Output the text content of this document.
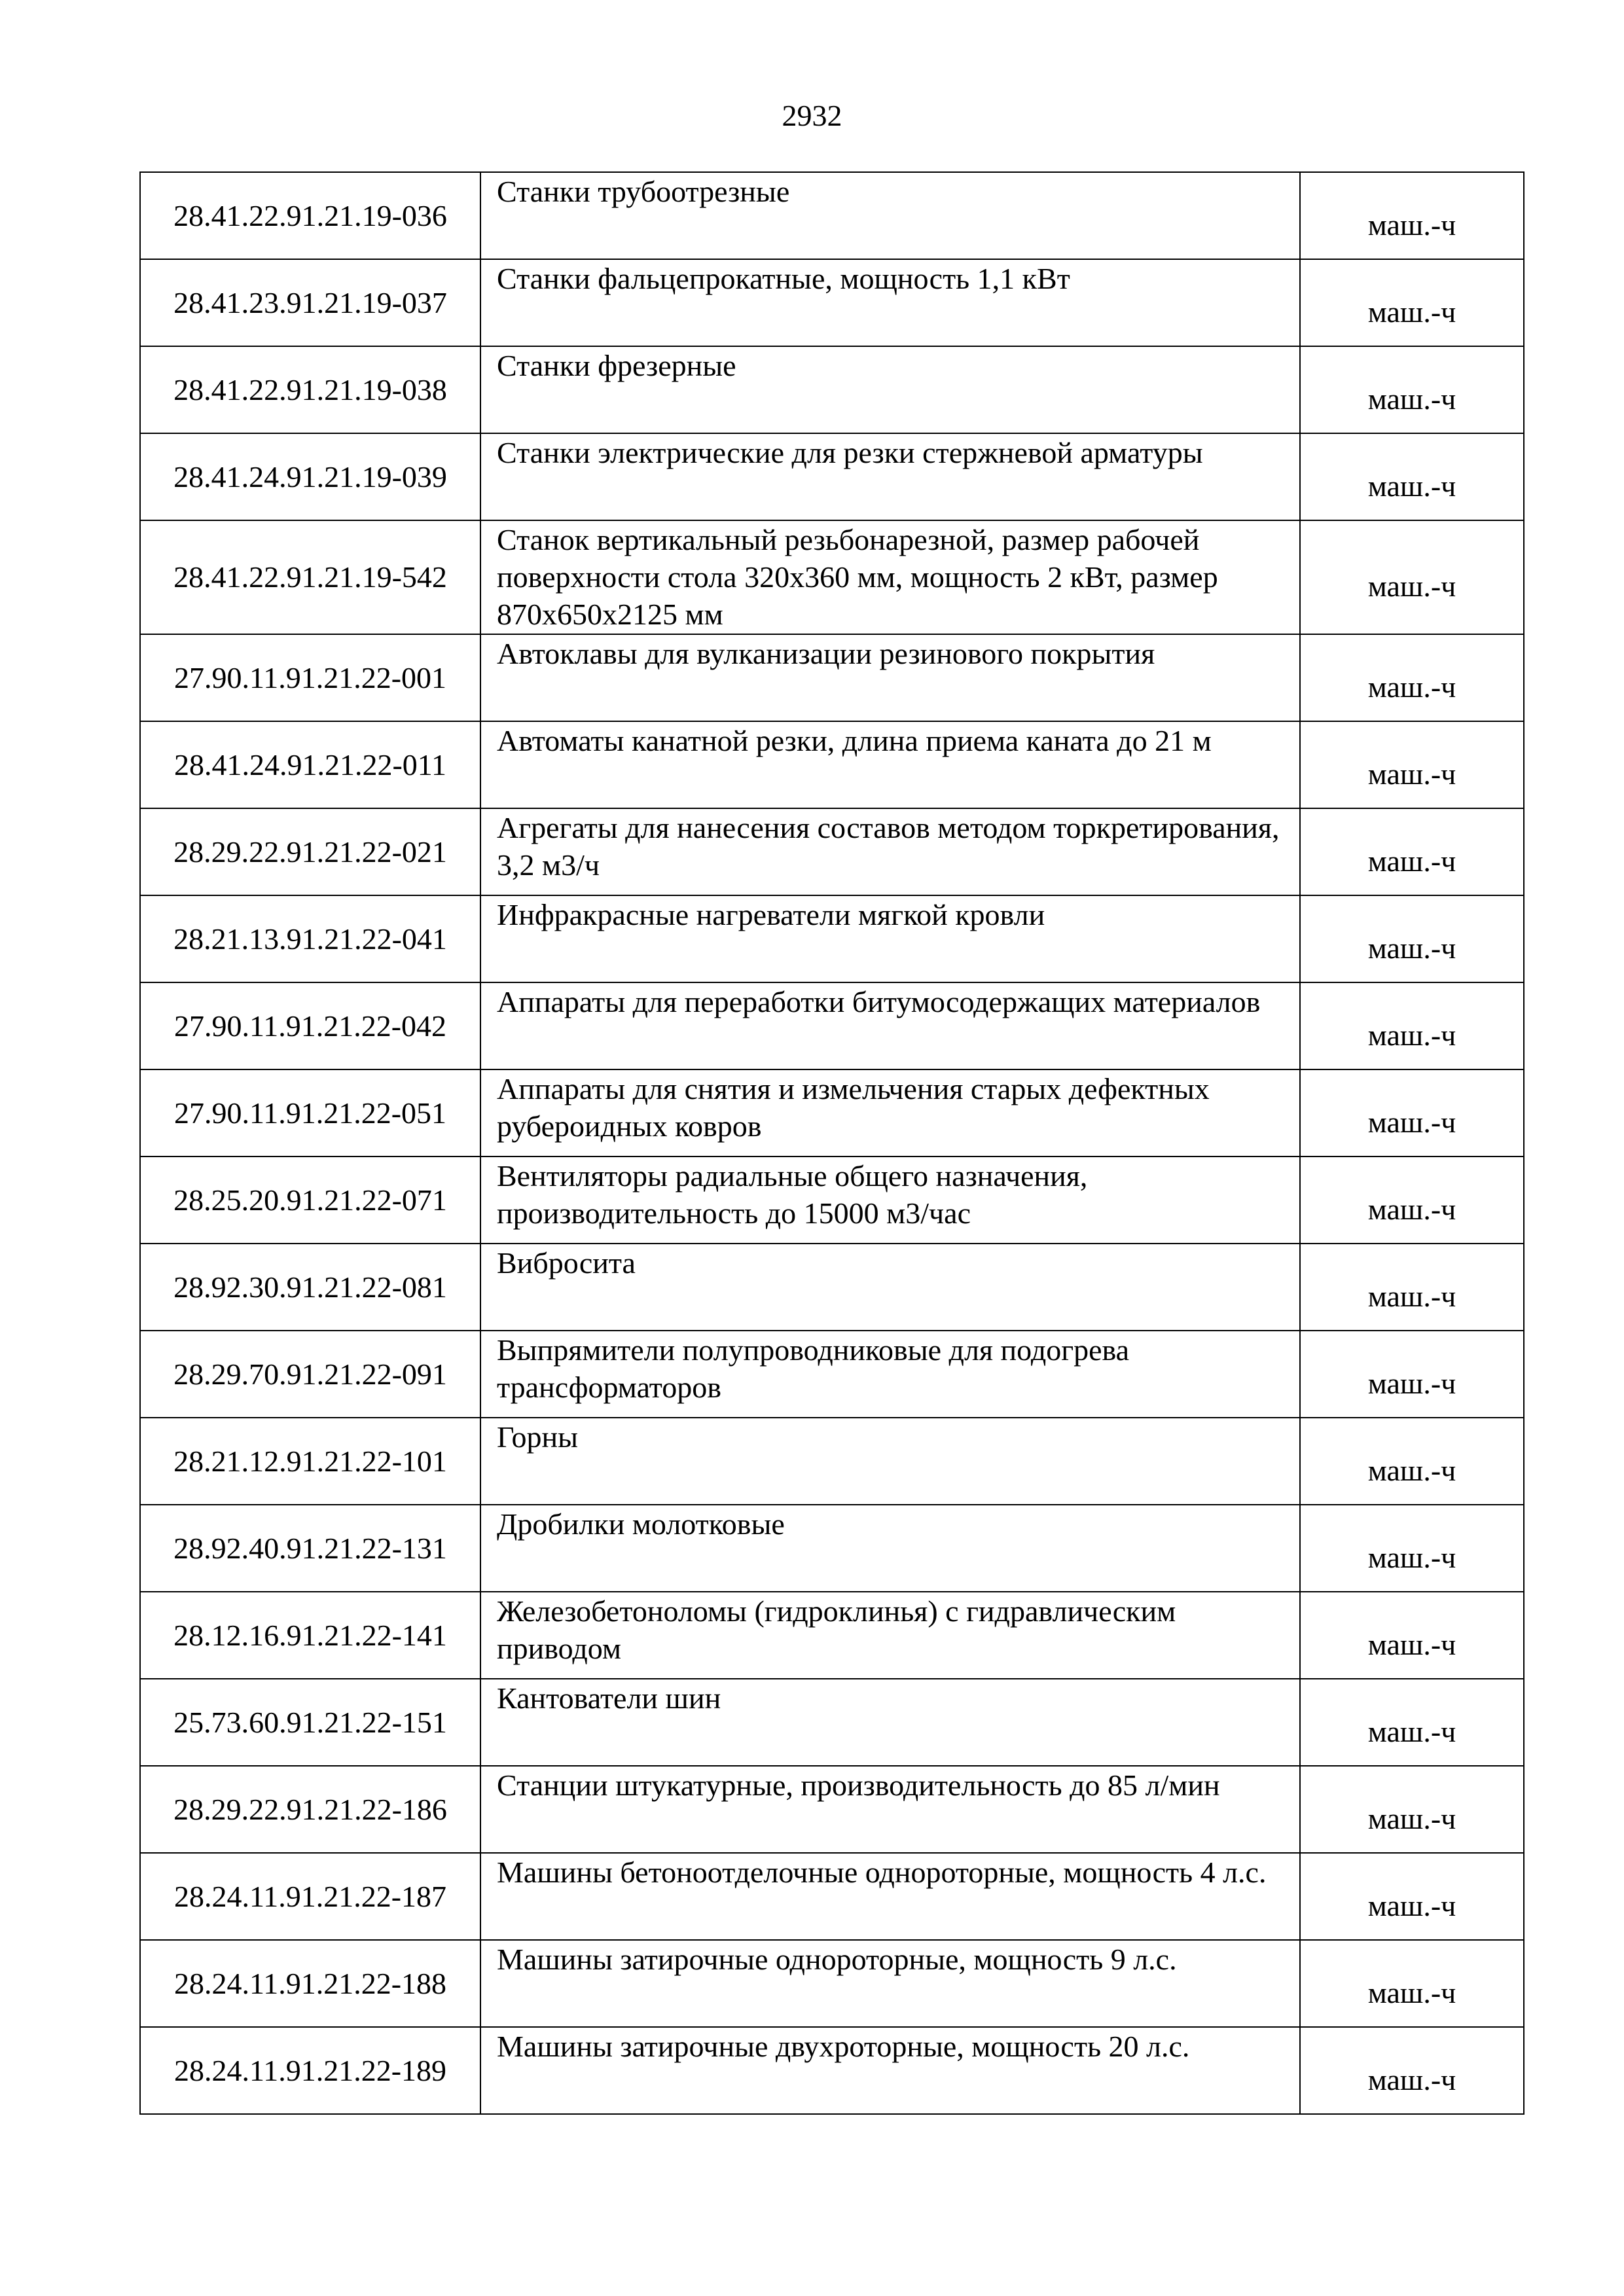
2932
28.41.22.91.21.19-036	Станки трубоотрезные	маш.-ч
28.41.23.91.21.19-037	Станки фальцепрокатные, мощность 1,1 кВт	маш.-ч
28.41.22.91.21.19-038	Станки фрезерные	маш.-ч
28.41.24.91.21.19-039	Станки электрические для резки стержневой арматуры	маш.-ч
28.41.22.91.21.19-542	Станок вертикальный резьбонарезной, размер рабочей поверхности стола 320х360 мм, мощность 2 кВт, размер 870х650х2125 мм	маш.-ч
27.90.11.91.21.22-001	Автоклавы для вулканизации резинового покрытия	маш.-ч
28.41.24.91.21.22-011	Автоматы канатной резки, длина приема каната до 21 м	маш.-ч
28.29.22.91.21.22-021	Агрегаты для нанесения составов методом торкретирования, 3,2 м3/ч	маш.-ч
28.21.13.91.21.22-041	Инфракрасные нагреватели мягкой кровли	маш.-ч
27.90.11.91.21.22-042	Аппараты для переработки битумосодержащих материалов	маш.-ч
27.90.11.91.21.22-051	Аппараты для снятия и измельчения старых дефектных рубероидных ковров	маш.-ч
28.25.20.91.21.22-071	Вентиляторы радиальные общего назначения, производительность до 15000 м3/час	маш.-ч
28.92.30.91.21.22-081	Вибросита	маш.-ч
28.29.70.91.21.22-091	Выпрямители полупроводниковые для подогрева трансформаторов	маш.-ч
28.21.12.91.21.22-101	Горны	маш.-ч
28.92.40.91.21.22-131	Дробилки молотковые	маш.-ч
28.12.16.91.21.22-141	Железобетоноломы (гидроклинья) с гидравлическим приводом	маш.-ч
25.73.60.91.21.22-151	Кантователи шин	маш.-ч
28.29.22.91.21.22-186	Станции штукатурные, производительность до 85 л/мин	маш.-ч
28.24.11.91.21.22-187	Машины бетоноотделочные однороторные, мощность 4 л.с.	маш.-ч
28.24.11.91.21.22-188	Машины затирочные однороторные, мощность 9 л.с.	маш.-ч
28.24.11.91.21.22-189	Машины затирочные двухроторные, мощность 20 л.с.	маш.-ч
